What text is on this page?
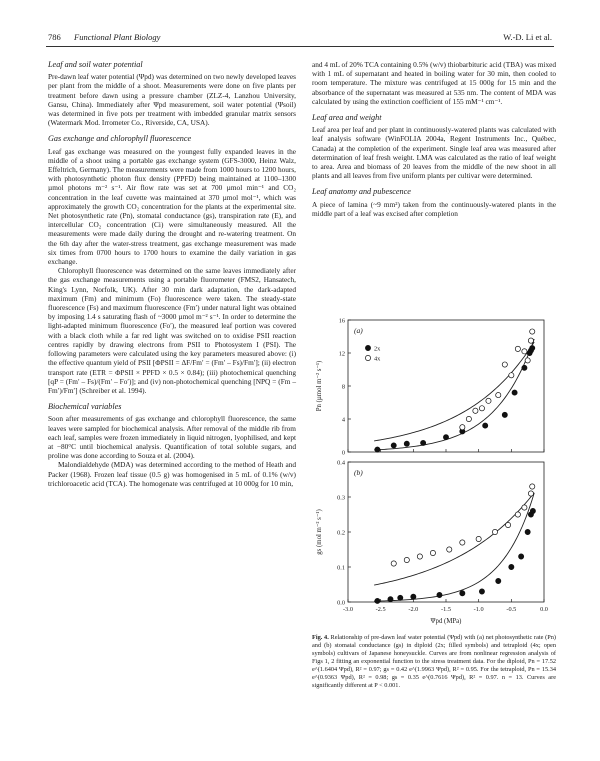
786 Functional Plant Biology	W.-D. Li et al.
Leaf and soil water potential

Pre-dawn leaf water potential (Ψpd) was determined on two newly developed leaves per plant from the middle of a shoot. Measurements were done on five plants per treatment before dawn using a pressure chamber (ZLZ-4, Lanzhou University, Gansu, China). Immediately after Ψpd measurement, soil water potential (Ψsoil) was determined in five pots per treatment with imbedded granular matrix sensors (Watermark Mod. Irrometer Co., Riverside, CA, USA).

Gas exchange and chlorophyll fluorescence

Leaf gas exchange was measured on the youngest fully expanded leaves in the middle of a shoot using a portable gas exchange system (GFS-3000, Heinz Walz, Effeltrich, Germany). The measurements were made from 1000 hours to 1200 hours, with photosynthetic photon flux density (PPFD) being maintained at 1100–1300 µmol photons m⁻² s⁻¹. Air flow rate was set at 700 µmol min⁻¹ and CO₂ concentration in the leaf cuvette was maintained at 370 µmol mol⁻¹, which was approximately the growth CO₂ concentration for the plants at the experimental site. Net photosynthetic rate (Pn), stomatal conductance (gs), transpiration rate (E), and intercellular CO₂ concentration (Ci) were simultaneously measured. All the measurements were made daily during the drought and re-watering treatment. On the 6th day after the water-stress treatment, gas exchange measurement was made six times from 0700 hours to 1700 hours to examine the daily variation in gas exchange.

Chlorophyll fluorescence was determined on the same leaves immediately after the gas exchange measurements using a portable fluorometer (FMS2, Hansatech, King's Lynn, Norfolk, UK). After 30 min dark adaptation, the dark-adapted maximum (Fm) and minimum (Fo) fluorescence were taken. The steady-state fluorescence (Fs) and maximum fluorescence (Fm′) under natural light was obtained by imposing 1.4 s saturating flash of ~3000 µmol m⁻² s⁻¹. In order to determine the light-adapted minimum fluorescence (Fo′), the measured leaf portion was covered with a black cloth while a far red light was switched on to oxidise PSII reaction centres rapidly by drawing electrons from PSII to Photosystem I (PSI). The following parameters were calculated using the key parameters measured above: (i) the effective quantum yield of PSII [ΦPSII = ΔF/Fm′ = (Fm′ – Fs)/Fm′]; (ii) electron transport rate (ETR = ΦPSII × PPFD × 0.5 × 0.84); (iii) photochemical quenching [qP = (Fm′ – Fs)/(Fm′ – Fo′)]; and (iv) non-photochemical quenching [NPQ = (Fm – Fm′)/Fm′] (Schreiber et al. 1994).

Biochemical variables

Soon after measurements of gas exchange and chlorophyll fluorescence, the same leaves were sampled for biochemical analysis. After removal of the middle rib from each leaf, samples were frozen immediately in liquid nitrogen, lyophilised, and kept at −80°C until biochemical analysis. Quantification of total soluble sugars, and proline was done according to Souza et al. (2004).

Malondialdehyde (MDA) was determined according to the method of Heath and Packer (1968). Frozen leaf tissue (0.5 g) was homogenised in 5 mL of 0.1% (w/v) trichloroacetic acid (TCA). The homogenate was centrifuged at 10 000g for 10 min,

and 4 mL of 20% TCA containing 0.5% (w/v) thiobarbituric acid (TBA) was mixed with 1 mL of supernatant and heated in boiling water for 30 min, then cooled to room temperature. The mixture was centrifuged at 15 000g for 15 min and the absorbance of the supernatant was measured at 535 nm. The content of MDA was calculated by using the extinction coefficient of 155 mM⁻¹ cm⁻¹.

Leaf area and weight

Leaf area per leaf and per plant in continuously-watered plants was calculated with leaf analysis software (WinFOLIA 2004a, Regent Instruments Inc., Québec, Canada) at the completion of the experiment. Single leaf area was measured after determination of leaf fresh weight. LMA was calculated as the ratio of leaf weight to area. Area and biomass of 20 leaves from the middle of the new shoot in all plants and all leaves from five uniform plants per cultivar were determined.

Leaf anatomy and pubescence

A piece of lamina (~9 mm²) taken from the continuously-watered plants in the middle part of a leaf was excised after completion

0
4
8
12
16
(a)
Pn (µmol m⁻² s⁻¹)
2x
4x
0.0
0.1
0.2
0.3
0.4
-3.0	-2.5	-2.0	-1.5	-1.0	-0.5	0.0
(b)
gs (mol m⁻² s⁻¹)
Ψpd (MPa)
Fig. 4. Relationship of pre-dawn leaf water potential (Ψpd) with (a) net photosynthetic rate (Pn) and (b) stomatal conductance (gs) in diploid (2x; filled symbols) and tetraploid (4x; open symbols) cultivars of Japanese honeysuckle. Curves are from nonlinear regression analysis of Figs 1, 2 fitting an exponential function to the stress treatment data. For the diploid, Pn = 17.52 e^(1.6404 Ψpd), R² = 0.97; gs = 0.42 e^(1.9963 Ψpd), R² = 0.95. For the tetraploid, Pn = 15.34 e^(0.9363 Ψpd), R² = 0.98; gs = 0.35 e^(0.7616 Ψpd), R² = 0.97. n = 13. Curves are significantly different at P < 0.001.
